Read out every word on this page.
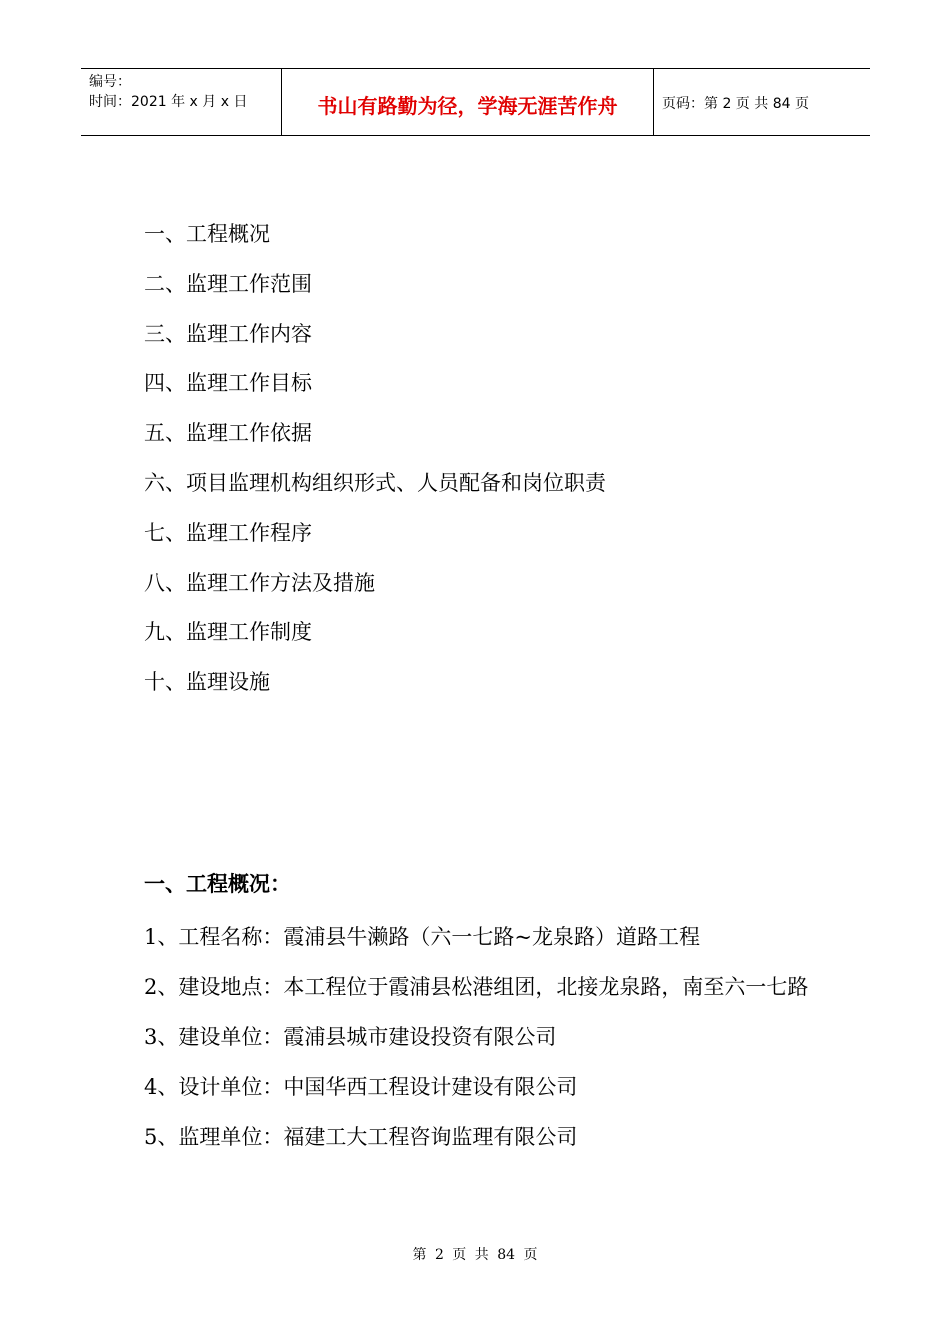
编号：
时间：2021 年 x 月 x 日	书山有路勤为径，学海无涯苦作舟	页码：第 2 页 共 84 页
一、工程概况
二、监理工作范围
三、监理工作内容
四、监理工作目标
五、监理工作依据
六、项目监理机构组织形式、人员配备和岗位职责
七、监理工作程序
八、监理工作方法及措施
九、监理工作制度
十、监理设施
一、工程概况：

1、工程名称：霞浦县牛濑路（六一七路~龙泉路）道路工程

2、建设地点：本工程位于霞浦县松港组团，北接龙泉路，南至六一七路

3、建设单位：霞浦县城市建设投资有限公司

4、设计单位：中国华西工程设计建设有限公司

5、监理单位：福建工大工程咨询监理有限公司

第 2 页 共 84 页
